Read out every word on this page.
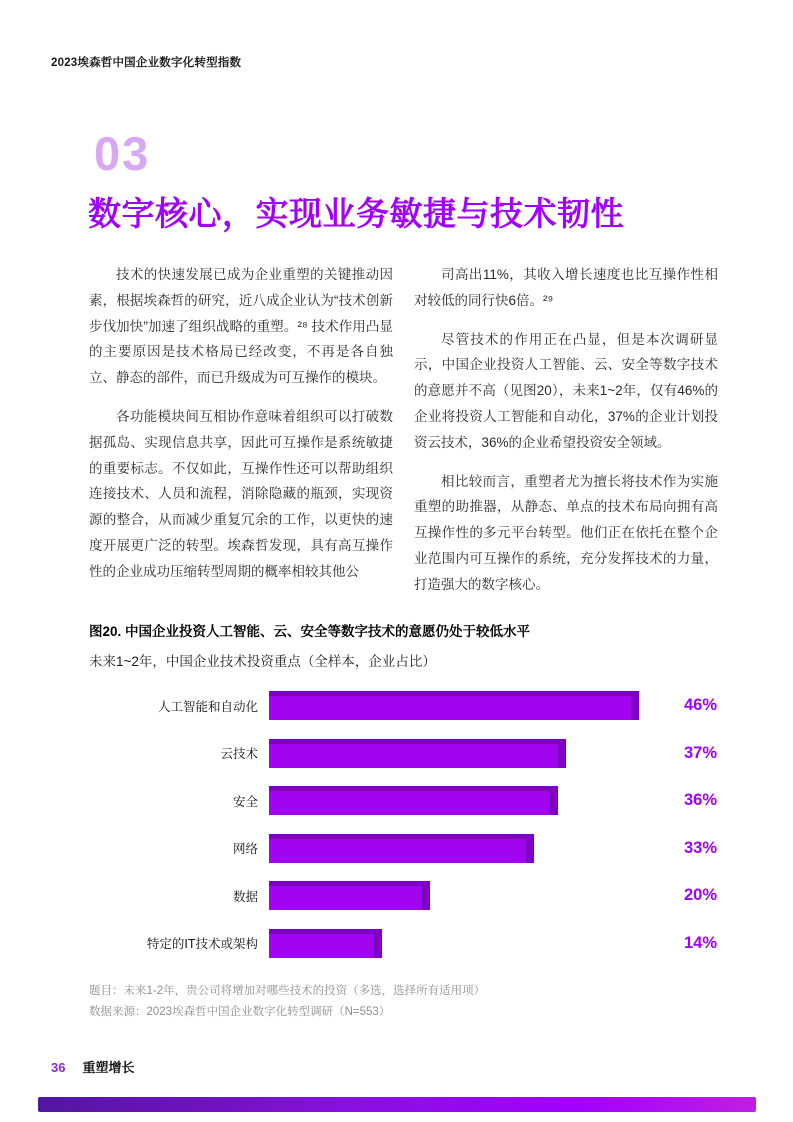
2023埃森哲中国企业数字化转型指数
03
数字核心，实现业务敏捷与技术韧性

技术的快速发展已成为企业重塑的关键推动因素，根据埃森哲的研究，近八成企业认为“技术创新步伐加快”加速了组织战略的重塑。²⁸ 技术作用凸显的主要原因是技术格局已经改变，不再是各自独立、静态的部件，而已升级成为可互操作的模块。

各功能模块间互相协作意味着组织可以打破数据孤岛、实现信息共享，因此可互操作是系统敏捷的重要标志。不仅如此，互操作性还可以帮助组织连接技术、人员和流程，消除隐藏的瓶颈，实现资源的整合，从而减少重复冗余的工作，以更快的速度开展更广泛的转型。埃森哲发现，具有高互操作性的企业成功压缩转型周期的概率相较其他公

司高出11%，其收入增长速度也比互操作性相对较低的同行快6倍。²⁹

尽管技术的作用正在凸显，但是本次调研显示，中国企业投资人工智能、云、安全等数字技术的意愿并不高（见图20），未来1~2年，仅有46%的企业将投资人工智能和自动化，37%的企业计划投资云技术，36%的企业希望投资安全领域。

相比较而言，重塑者尤为擅长将技术作为实施重塑的助推器，从静态、单点的技术布局向拥有高互操作性的多元平台转型。他们正在依托在整个企业范围内可互操作的系统，充分发挥技术的力量，打造强大的数字核心。

图20. 中国企业投资人工智能、云、安全等数字技术的意愿仍处于较低水平
未来1~2年，中国企业技术投资重点（全样本，企业占比）
人工智能和自动化	46%
云技术	37%
安全	36%
网络	33%
数据	20%
特定的IT技术或架构	14%
题目：未来1-2年，贵公司将增加对哪些技术的投资（多选，选择所有适用项）
数据来源：2023埃森哲中国企业数字化转型调研（N=553）
36 重塑增长
